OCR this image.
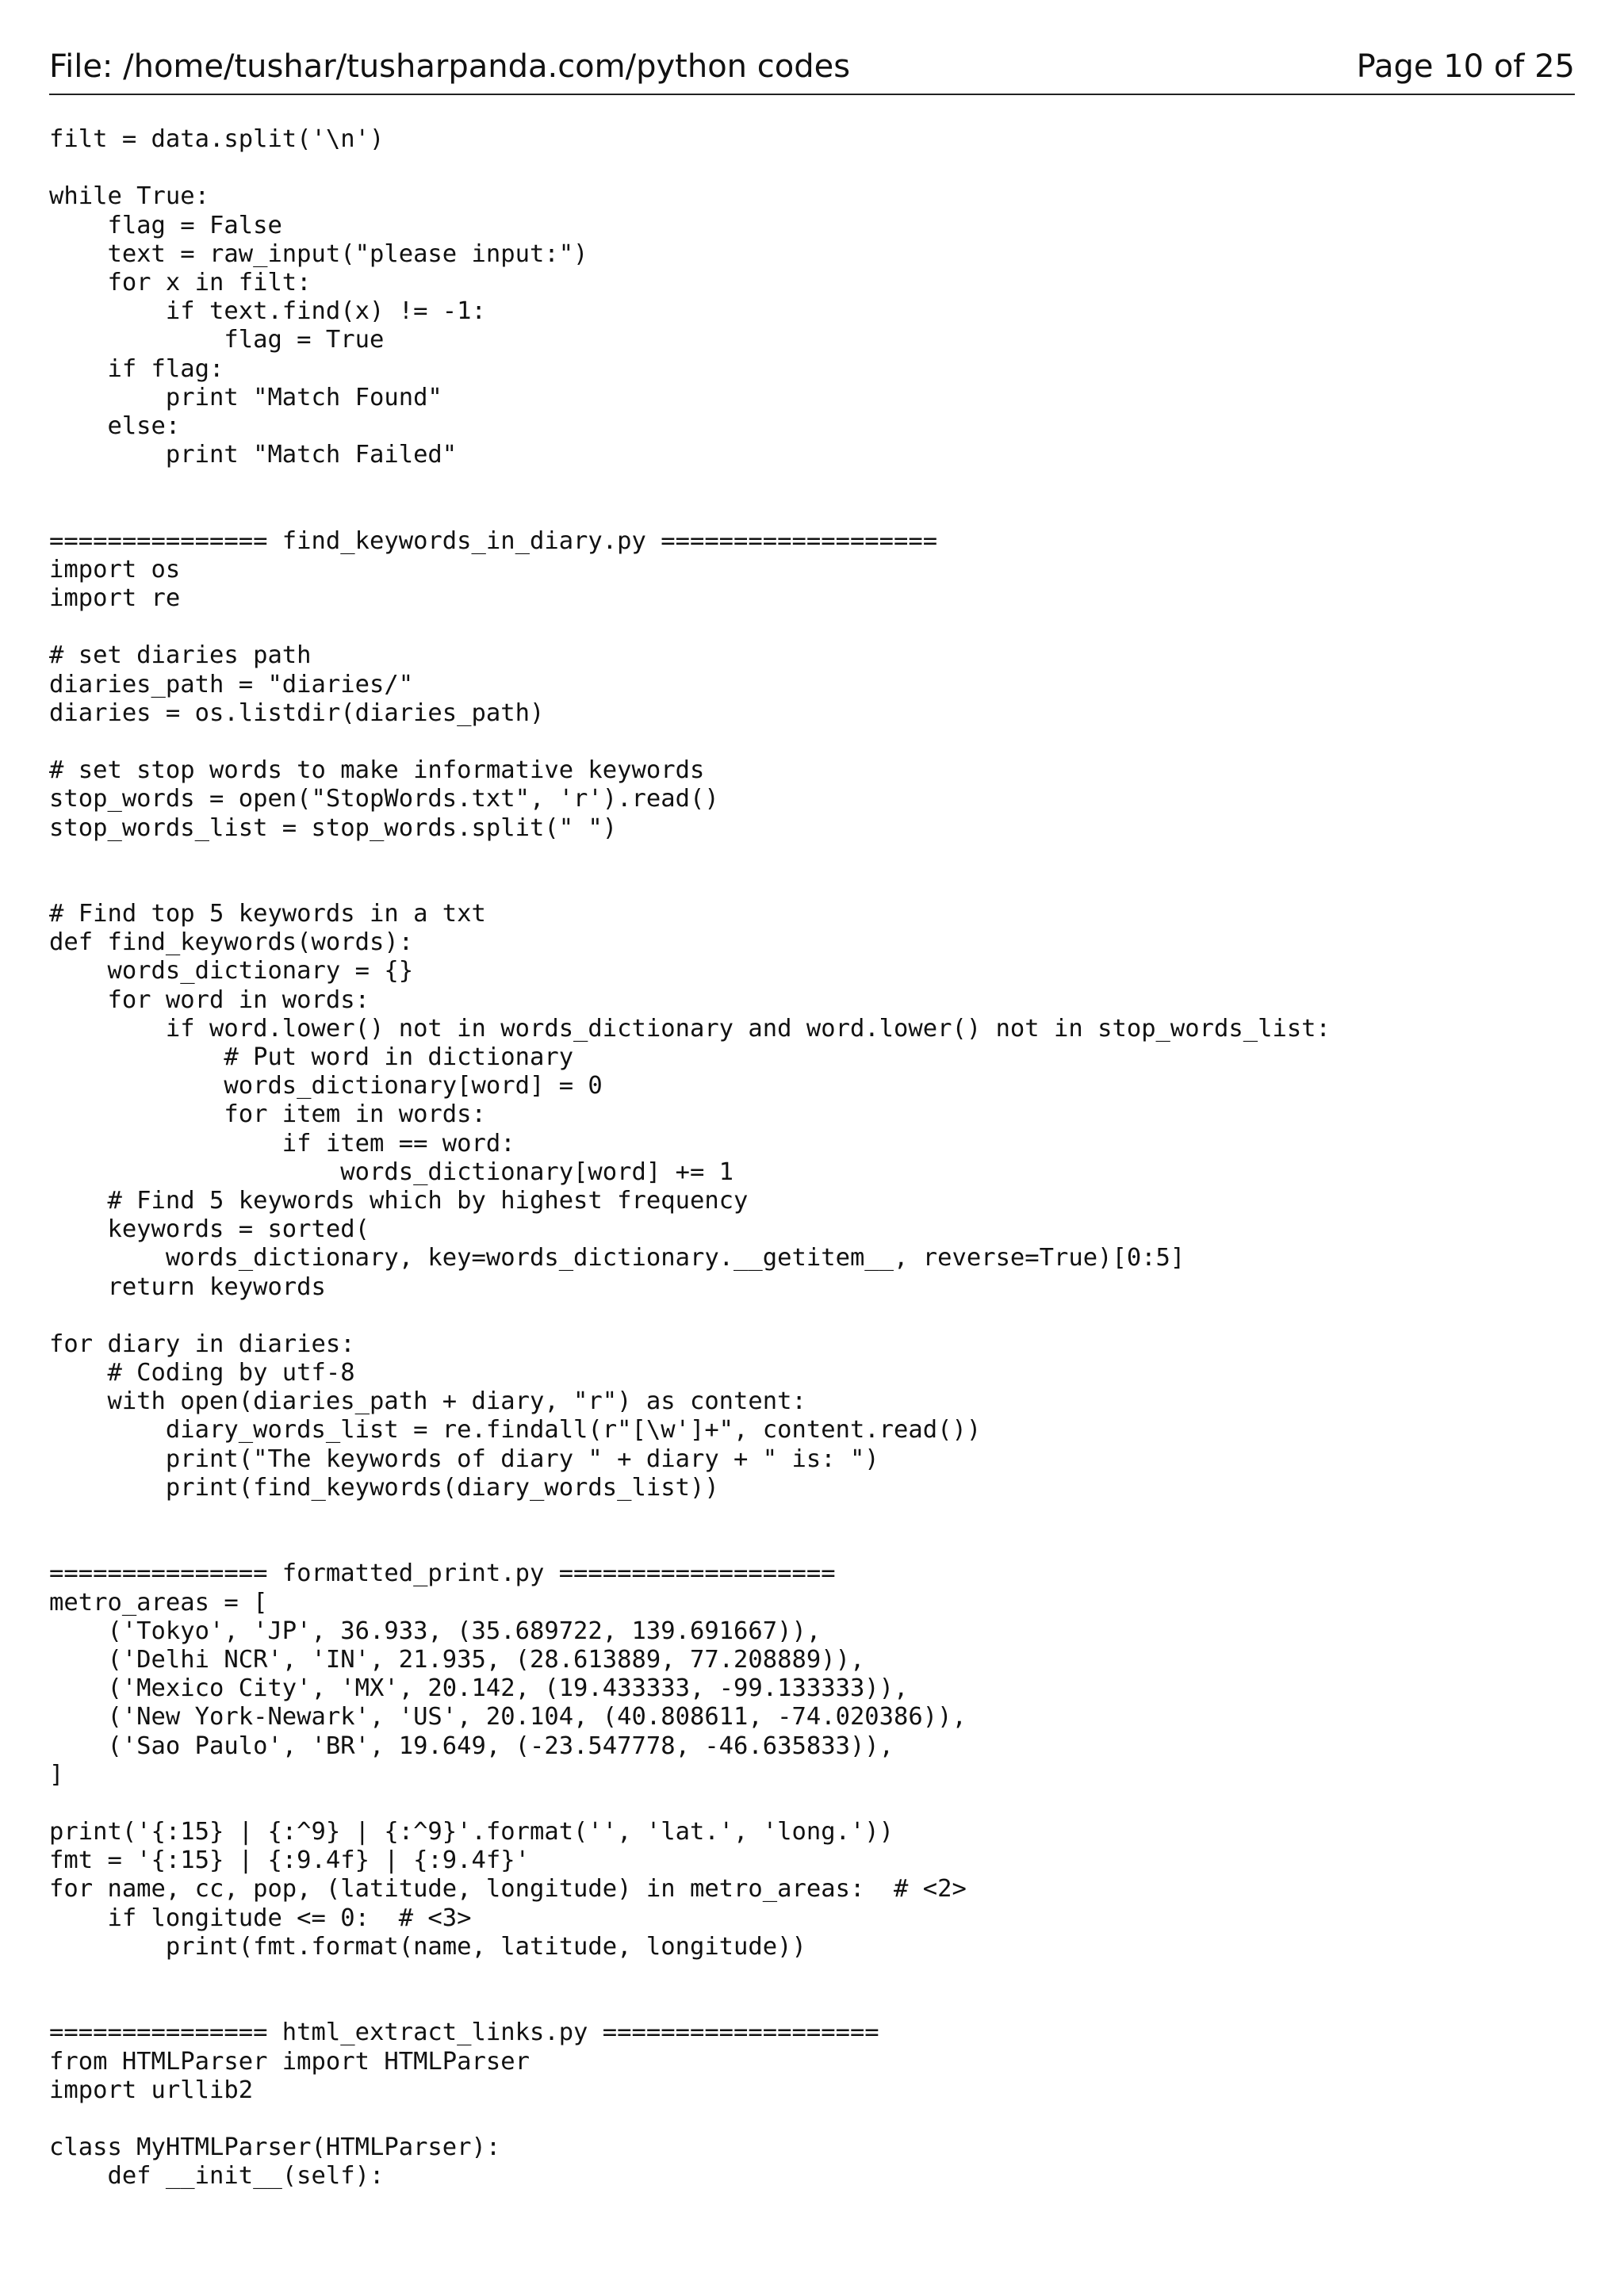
File: /home/tushar/tusharpanda.com/python codes	Page 10 of 25
filt = data.split('\n')
while True:
flag = False
text = raw_input("please input:")
for x in filt:
if text.find(x) != -1:
flag = True
if flag:
print "Match Found"
else:
print "Match Failed"
=============== find_keywords_in_diary.py ===================
import os
import re
# set diaries path
diaries_path = "diaries/"
diaries = os.listdir(diaries_path)
# set stop words to make informative keywords
stop_words = open("StopWords.txt", 'r').read()
stop_words_list = stop_words.split(" ")
# Find top 5 keywords in a txt
def find_keywords(words):
words_dictionary = {}
for word in words:
if word.lower() not in words_dictionary and word.lower() not in stop_words_list:
# Put word in dictionary
words_dictionary[word] = 0
for item in words:
if item == word:
words_dictionary[word] += 1
# Find 5 keywords which by highest frequency
keywords = sorted(
words_dictionary, key=words_dictionary.__getitem__, reverse=True)[0:5]
return keywords
for diary in diaries:
# Coding by utf-8
with open(diaries_path + diary, "r") as content:
diary_words_list = re.findall(r"[\w']+", content.read())
print("The keywords of diary " + diary + " is: ")
print(find_keywords(diary_words_list))
=============== formatted_print.py ===================
metro_areas = [
('Tokyo', 'JP', 36.933, (35.689722, 139.691667)),
('Delhi NCR', 'IN', 21.935, (28.613889, 77.208889)),
('Mexico City', 'MX', 20.142, (19.433333, -99.133333)),
('New York-Newark', 'US', 20.104, (40.808611, -74.020386)),
('Sao Paulo', 'BR', 19.649, (-23.547778, -46.635833)),
]
print('{:15} | {:^9} | {:^9}'.format('', 'lat.', 'long.'))
fmt = '{:15} | {:9.4f} | {:9.4f}'
for name, cc, pop, (latitude, longitude) in metro_areas:  # <2>
if longitude <= 0:  # <3>
print(fmt.format(name, latitude, longitude))
=============== html_extract_links.py ===================
from HTMLParser import HTMLParser
import urllib2
class MyHTMLParser(HTMLParser):
def __init__(self):
